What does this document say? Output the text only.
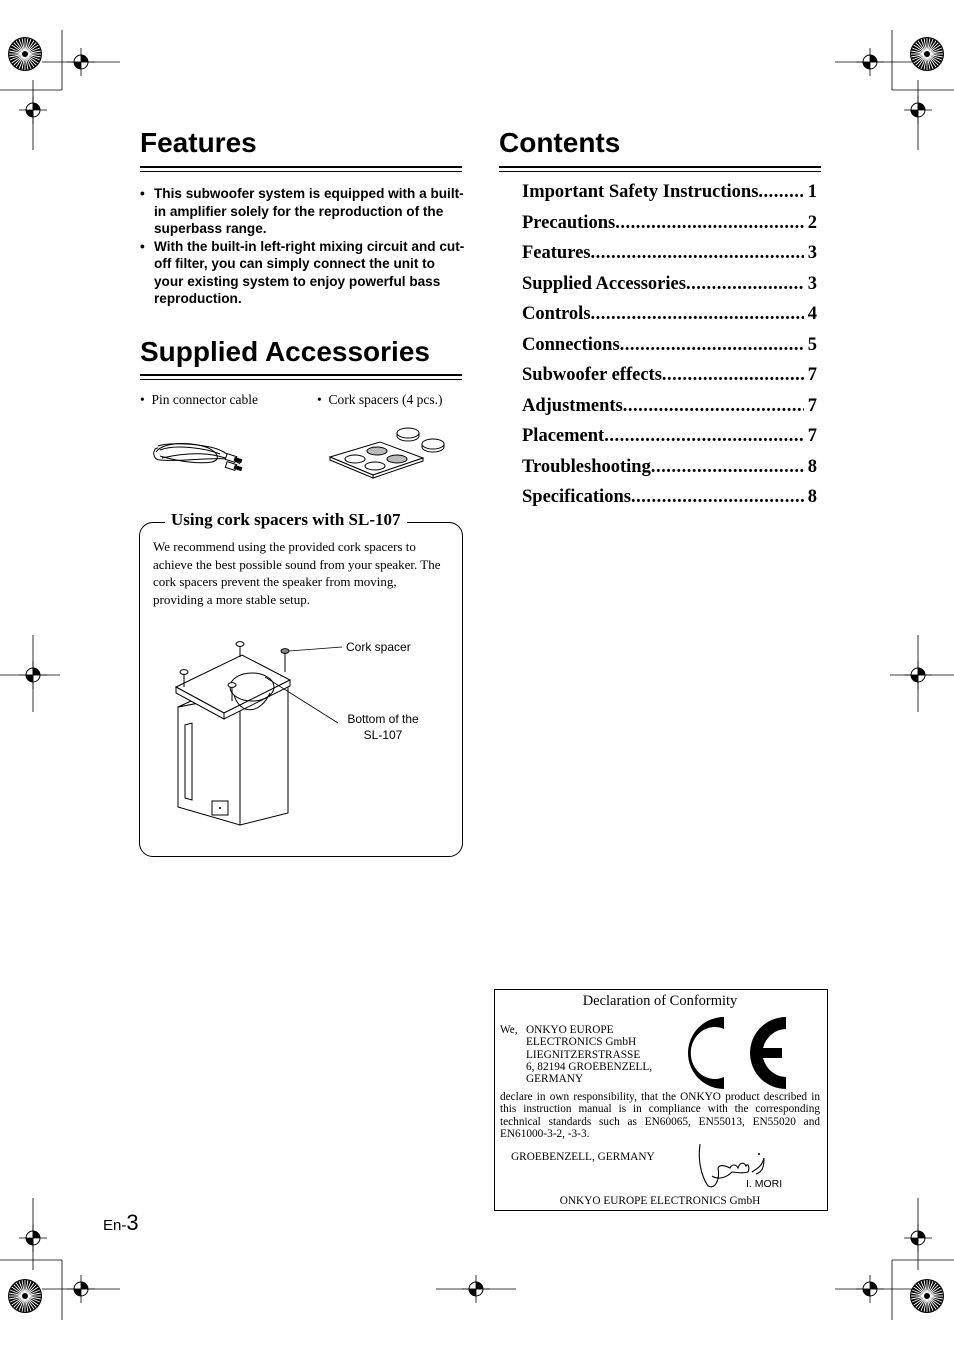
Features
• This subwoofer system is equipped with a built-in amplifier solely for the reproduction of the superbass range.
• With the built-in left-right mixing circuit and cut-off filter, you can simply connect the unit to your existing system to enjoy powerful bass reproduction.
Supplied Accessories
•  Pin connector cable	•  Cork spacers (4 pcs.)
Using cork spacers with SL-107
We recommend using the provided cork spacers to achieve the best possible sound from your speaker. The cork spacers prevent the speaker from moving, providing a more stable setup.
Cork spacer
Bottom of the
SL-107
Contents
Important Safety Instructions .....	1
Precautions .....	2
Features .....	3
Supplied Accessories .....	3
Controls .....	4
Connections .....	5
Subwoofer effects .....	7
Adjustments .....	7
Placement .....	7
Troubleshooting .....	8
Specifications .....	8
Declaration of Conformity
We, ONKYO EUROPE
ELECTRONICS GmbH
LIEGNITZERSTRASSE
6, 82194 GROEBENZELL,
GERMANY
declare in own responsibility, that the ONKYO product described in this instruction manual is in compliance with the corresponding technical standards such as EN60065, EN55013, EN55020 and EN61000-3-2, -3-3.
GROEBENZELL, GERMANY
I. MORI
ONKYO EUROPE ELECTRONICS GmbH
En-3
